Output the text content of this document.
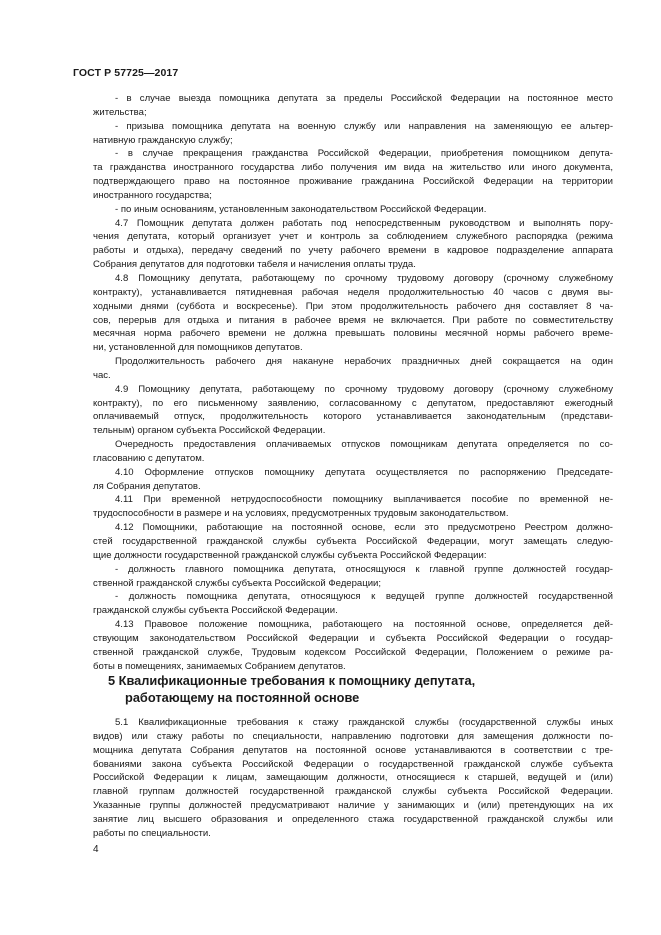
ГОСТ Р 57725—2017
- в случае выезда помощника депутата за пределы Российской Федерации на постоянное место
жительства;
- призыва помощника депутата на военную службу или направления на заменяющую ее альтер-
нативную гражданскую службу;
- в случае прекращения гражданства Российской Федерации, приобретения помощником депута-
та гражданства иностранного государства либо получения им вида на жительство или иного документа,
подтверждающего право на постоянное проживание гражданина Российской Федерации на территории
иностранного государства;
- по иным основаниям, установленным законодательством Российской Федерации.
4.7 Помощник депутата должен работать под непосредственным руководством и выполнять пору-
чения депутата, который организует учет и контроль за соблюдением служебного распорядка (режима
работы и отдыха), передачу сведений по учету рабочего времени в кадровое подразделение аппарата
Собрания депутатов для подготовки табеля и начисления оплаты труда.
4.8 Помощнику депутата, работающему по срочному трудовому договору (срочному служебному
контракту), устанавливается пятидневная рабочая неделя продолжительностью 40 часов с двумя вы-
ходными днями (суббота и воскресенье). При этом продолжительность рабочего дня составляет 8 ча-
сов, перерыв для отдыха и питания в рабочее время не включается. При работе по совместительству
месячная норма рабочего времени не должна превышать половины месячной нормы рабочего време-
ни, установленной для помощников депутатов.
Продолжительность рабочего дня накануне нерабочих праздничных дней сокращается на один
час.
4.9 Помощнику депутата, работающему по срочному трудовому договору (срочному служебному
контракту), по его письменному заявлению, согласованному с депутатом, предоставляют ежегодный
оплачиваемый отпуск, продолжительность которого устанавливается законодательным (представи-
тельным) органом субъекта Российской Федерации.
Очередность предоставления оплачиваемых отпусков помощникам депутата определяется по со-
гласованию с депутатом.
4.10 Оформление отпусков помощнику депутата осуществляется по распоряжению Председате-
ля Собрания депутатов.
4.11 При временной нетрудоспособности помощнику выплачивается пособие по временной не-
трудоспособности в размере и на условиях, предусмотренных трудовым законодательством.
4.12 Помощники, работающие на постоянной основе, если это предусмотрено Реестром должно-
стей государственной гражданской службы субъекта Российской Федерации, могут замещать следую-
щие должности государственной гражданской службы субъекта Российской Федерации:
- должность главного помощника депутата, относящуюся к главной группе должностей государ-
ственной гражданской службы субъекта Российской Федерации;
- должность помощника депутата, относящуюся к ведущей группе должностей государственной
гражданской службы субъекта Российской Федерации.
4.13 Правовое положение помощника, работающего на постоянной основе, определяется дей-
ствующим законодательством Российской Федерации и субъекта Российской Федерации о государ-
ственной гражданской службе, Трудовым кодексом Российской Федерации, Положением о режиме ра-
боты в помещениях, занимаемых Собранием депутатов.
5 Квалификационные требования к помощнику депутата,
работающему на постоянной основе
5.1 Квалификационные требования к стажу гражданской службы (государственной службы иных
видов) или стажу работы по специальности, направлению подготовки для замещения должности по-
мощника депутата Собрания депутатов на постоянной основе устанавливаются в соответствии с тре-
бованиями закона субъекта Российской Федерации о государственной гражданской службе субъекта
Российской Федерации к лицам, замещающим должности, относящиеся к старшей, ведущей и (или)
главной группам должностей государственной гражданской службы субъекта Российской Федерации.
Указанные группы должностей предусматривают наличие у занимающих и (или) претендующих на их
занятие лиц высшего образования и определенного стажа государственной гражданской службы или
работы по специальности.
4
